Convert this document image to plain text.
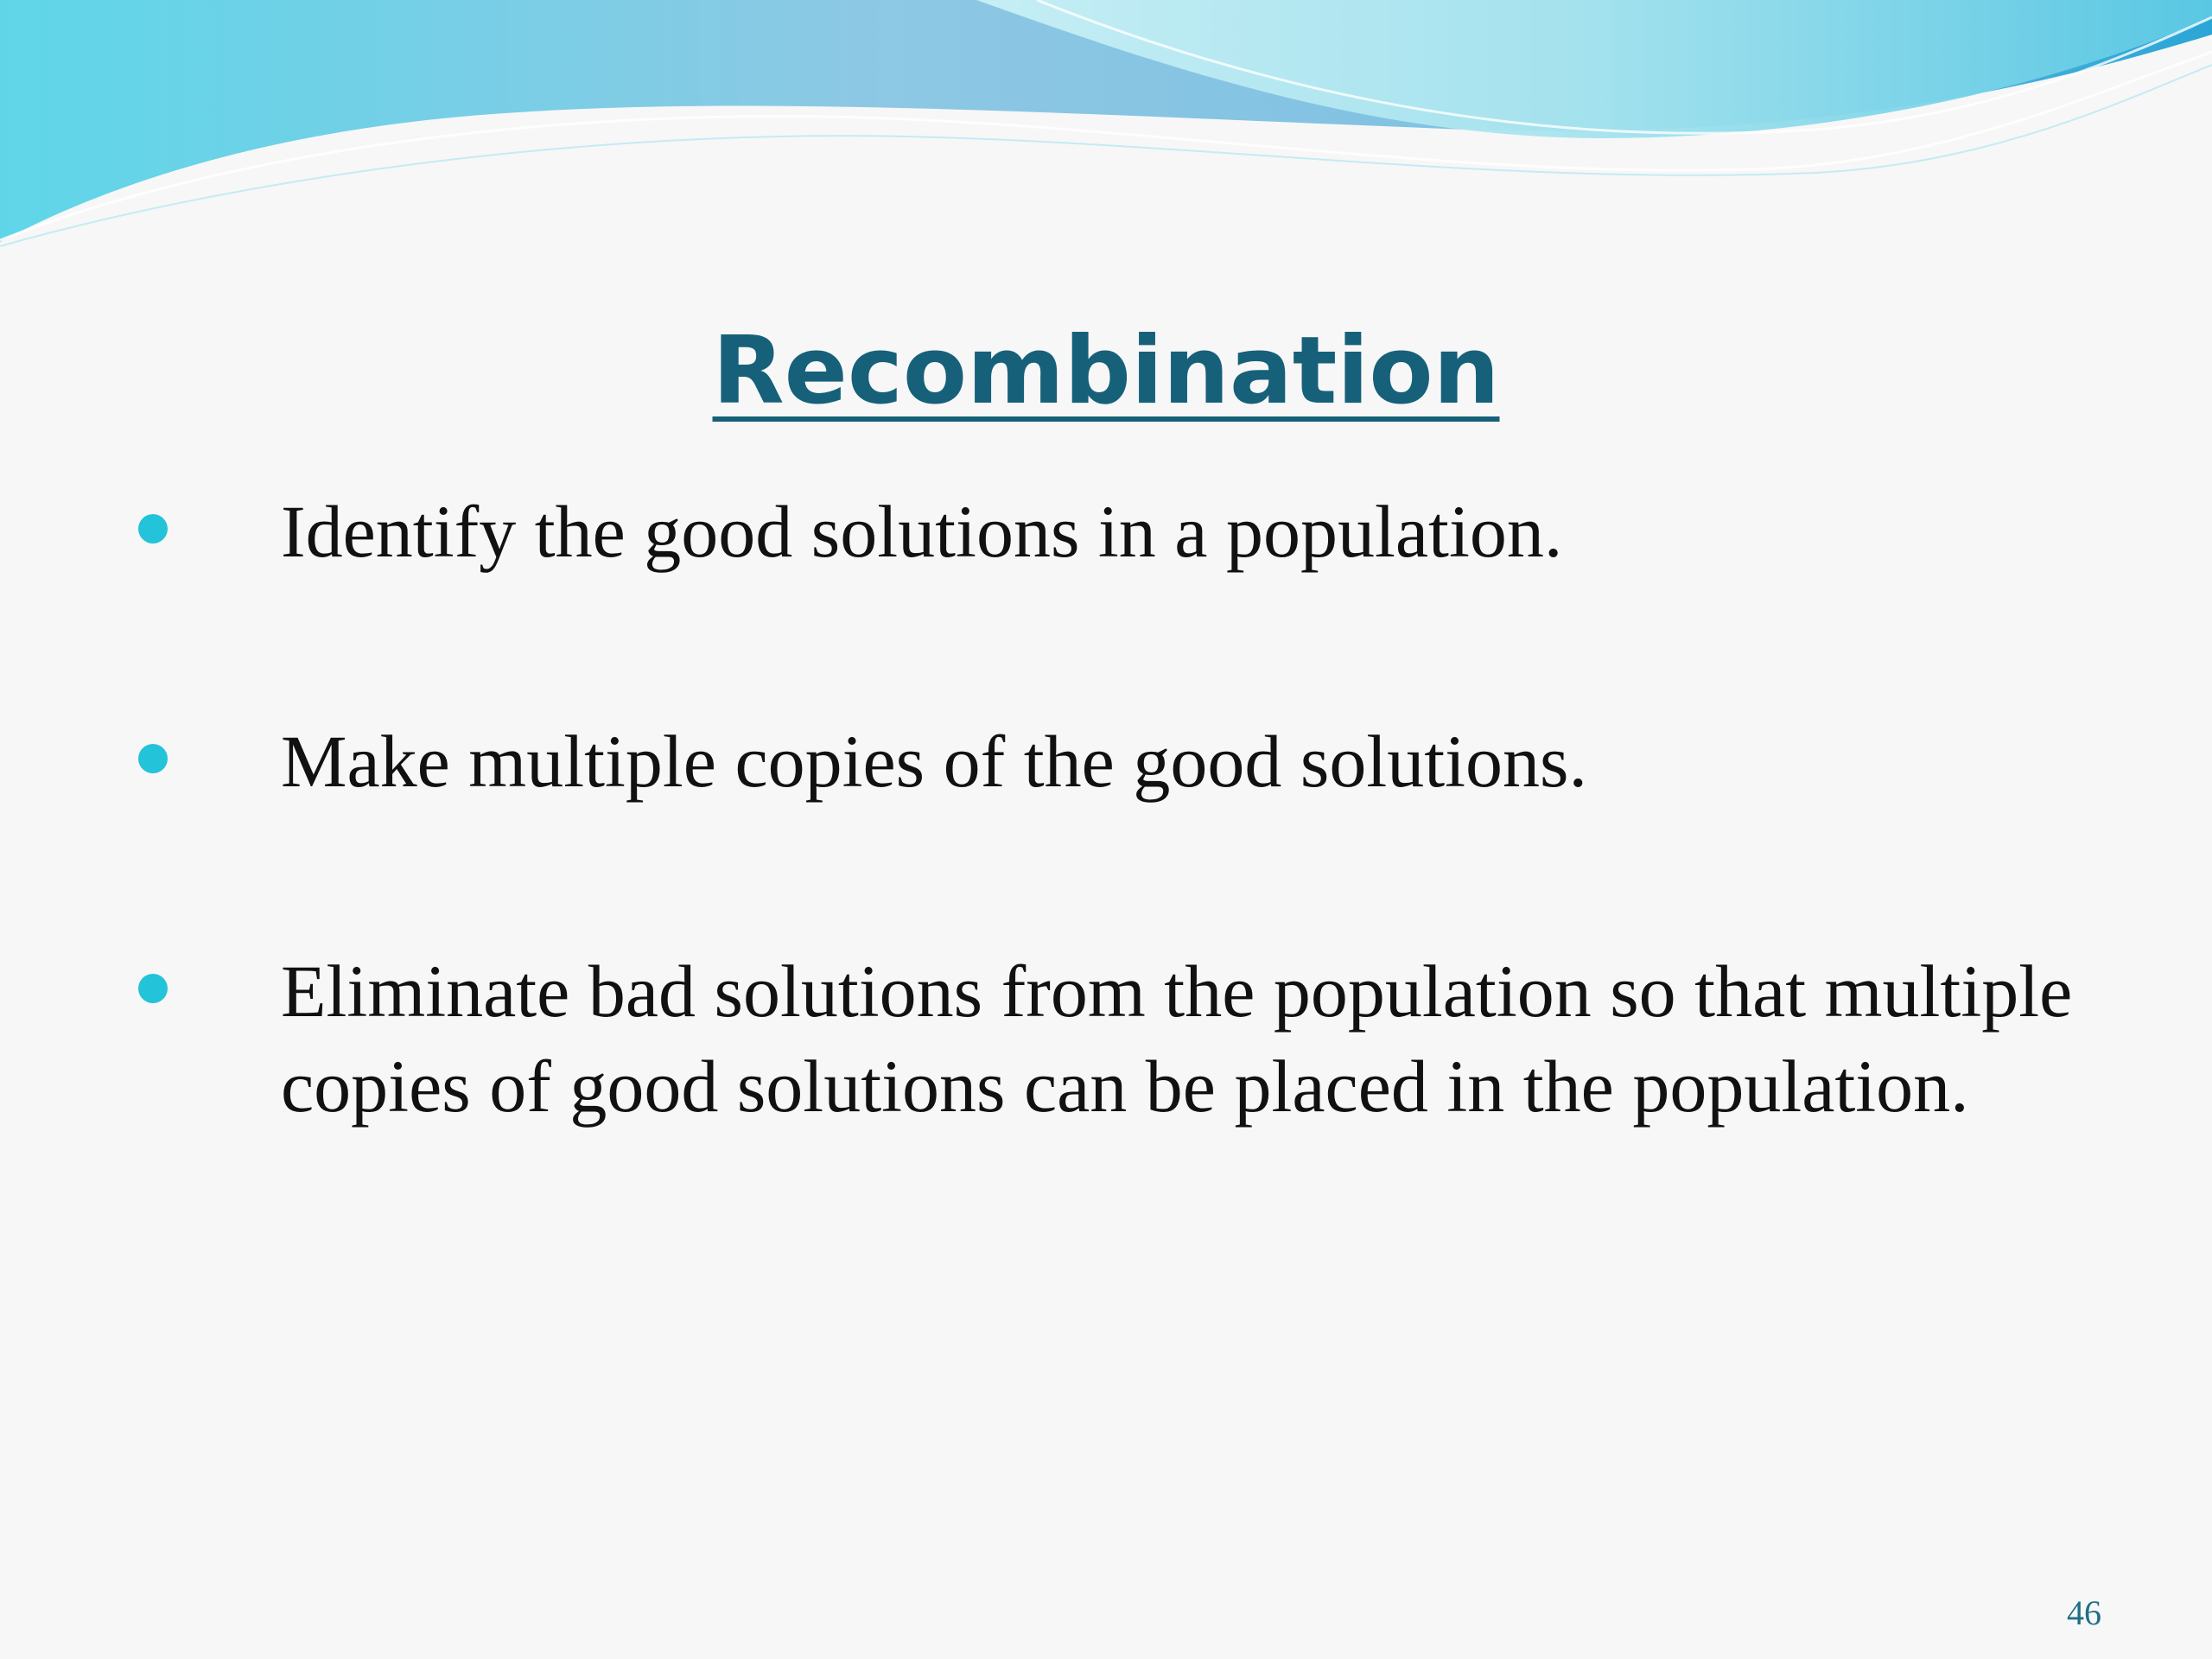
Recombination
Identify the good solutions in a population.
Make multiple copies of the good solutions.
Eliminate bad solutions from the population so that multiple copies of good solutions can be placed in the population.
46
